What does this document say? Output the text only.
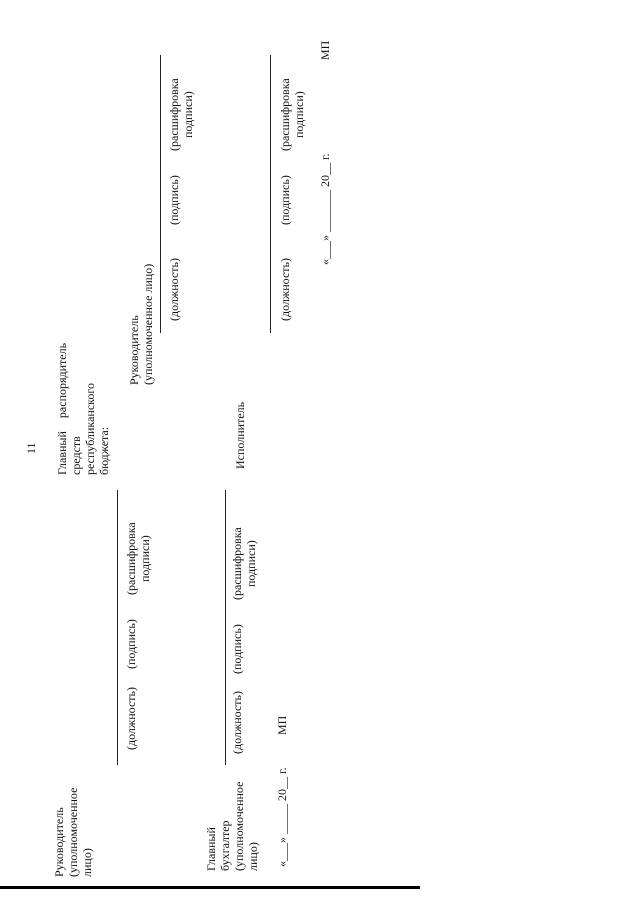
11
Руководитель (уполномоченное лицо)
(должность)
(подпись)
(расшифровка подписи)
Главный бухгалтер (уполномоченное лицо)
(должность)
(подпись)
(расшифровка подписи)
«___» _____ 20__ г.
МП
Главный распорядитель средств республиканского бюджета:
Руководитель (уполномоченное лицо) (должность)
(подпись)
(расшифровка подписи)
Исполнитель
(должность)
(подпись)
(расшифровка подписи)
«___» _______ 20__ г.
МП
